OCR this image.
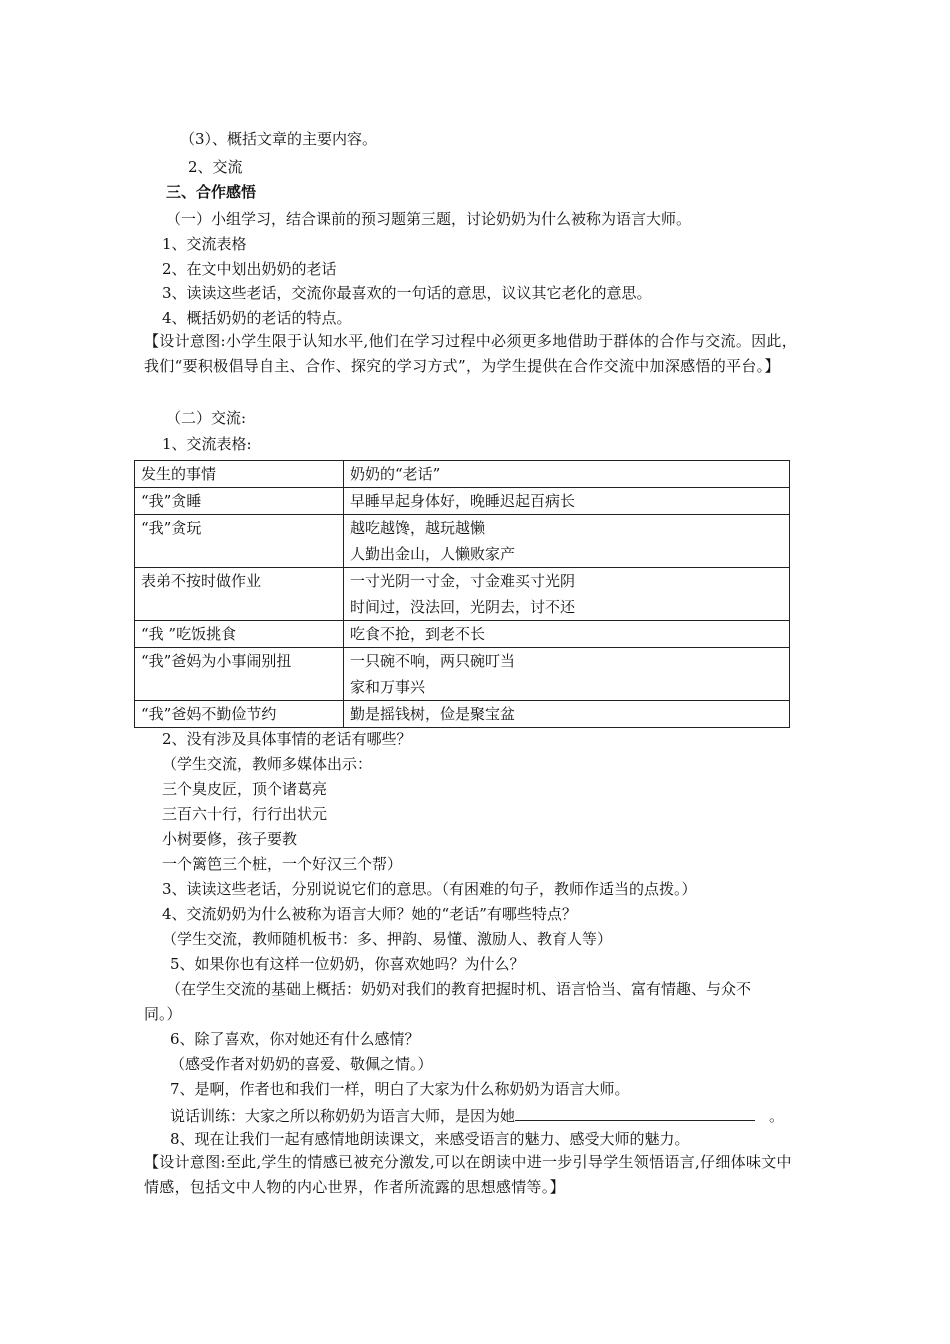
（3）、概括文章的主要内容。
2、交流
三、合作感悟
（一）小组学习，结合课前的预习题第三题，讨论奶奶为什么被称为语言大师。
1、交流表格
2、在文中划出奶奶的老话
3、读读这些老话，交流你最喜欢的一句话的意思，议议其它老化的意思。
4、概括奶奶的老话的特点。
【设计意图:小学生限于认知水平,他们在学习过程中必须更多地借助于群体的合作与交流。因此，我们“要积极倡导自主、合作、探究的学习方式”，为学生提供在合作交流中加深感悟的平台。】
（二）交流:
1、交流表格:
发生的事情	奶奶的“老话”
“我”贪睡	早睡早起身体好，晚睡迟起百病长

“我”贪玩	越吃越馋，越玩越懒
人勤出金山，人懒败家产

表弟不按时做作业	一寸光阴一寸金，寸金难买寸光阴
时间过，没法回，光阴去，讨不还

“我 ”吃饭挑食	吃食不抢，到老不长

“我”爸妈为小事闹别扭	一只碗不响，两只碗叮当
家和万事兴

“我”爸妈不勤俭节约	勤是摇钱树，俭是聚宝盆
2、没有涉及具体事情的老话有哪些？
（学生交流，教师多媒体出示：
三个臭皮匠，顶个诸葛亮
三百六十行，行行出状元
小树要修，孩子要教
一个篱笆三个桩，一个好汉三个帮）
3、读读这些老话，分别说说它们的意思。（有困难的句子，教师作适当的点拨。）
4、交流奶奶为什么被称为语言大师？她的“老话”有哪些特点？
（学生交流，教师随机板书：多、押韵、易懂、激励人、教育人等）
5、如果你也有这样一位奶奶，你喜欢她吗？为什么？
（在学生交流的基础上概括：奶奶对我们的教育把握时机、语言恰当、富有情趣、与众不
同。）
6、除了喜欢，你对她还有什么感情？
（感受作者对奶奶的喜爱、敬佩之情。）
7、是啊，作者也和我们一样，明白了大家为什么称奶奶为语言大师。
说话训练：大家之所以称奶奶为语言大师，是因为她	。
8、现在让我们一起有感情地朗读课文，来感受语言的魅力、感受大师的魅力。
【设计意图:至此,学生的情感已被充分激发,可以在朗读中进一步引导学生领悟语言,仔细体味文中情感，包括文中人物的内心世界，作者所流露的思想感情等。】
